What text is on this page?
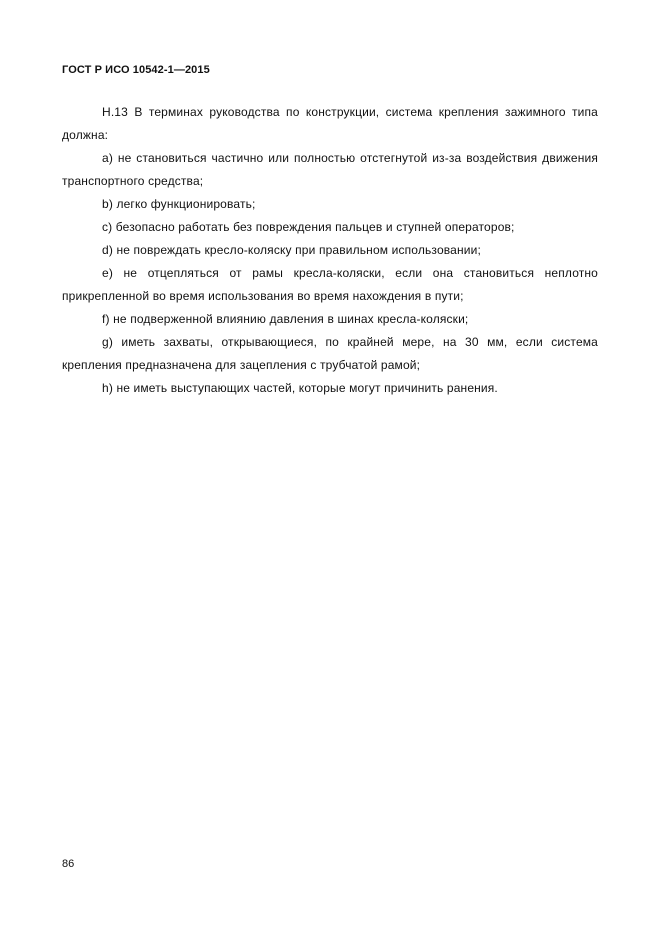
ГОСТ Р ИСО 10542-1—2015

H.13 В терминах руководства по конструкции, система крепления зажимного типа должна:

a) не становиться частично или полностью отстегнутой из-за воздействия движения транспортного средства;

b) легко функционировать;

c) безопасно работать без повреждения пальцев и ступней операторов;

d) не повреждать кресло-коляску при правильном использовании;

e) не отцепляться от рамы кресла-коляски, если она становиться неплотно прикрепленной во время использования во время нахождения в пути;

f) не подверженной влиянию давления в шинах кресла-коляски;

g) иметь захваты, открывающиеся, по крайней мере, на 30 мм, если система крепления предназначена для зацепления с трубчатой рамой;

h) не иметь выступающих частей, которые могут причинить ранения.

86
